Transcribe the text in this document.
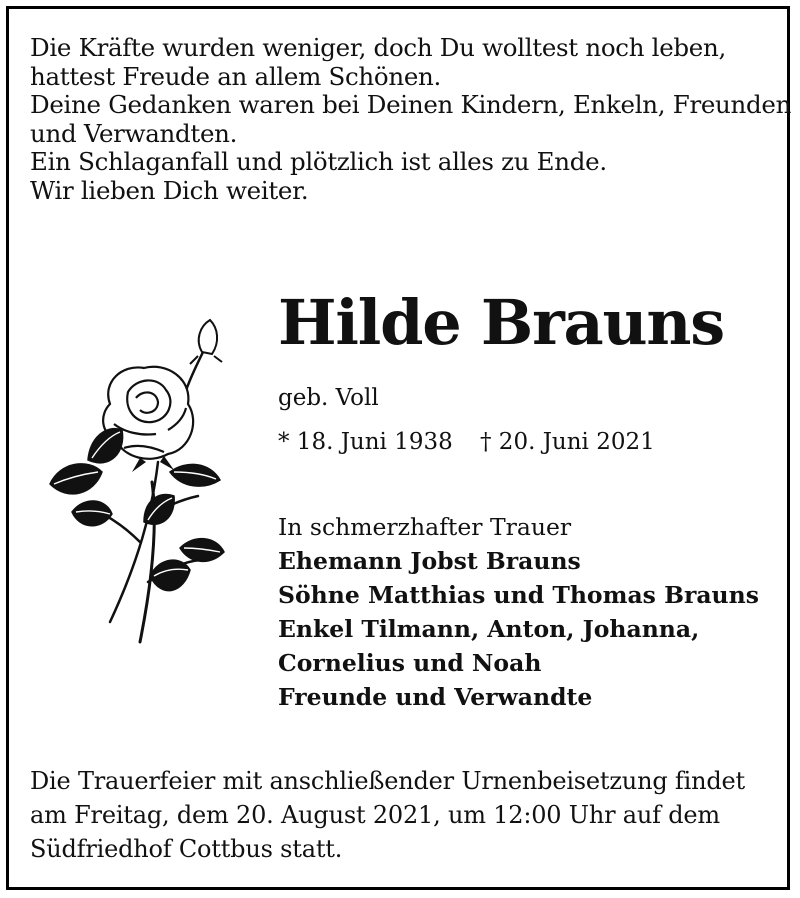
Die Kräfte wurden weniger, doch Du wolltest noch leben,
hattest Freude an allem Schönen.
Deine Gedanken waren bei Deinen Kindern, Enkeln, Freunden
und Verwandten.
Ein Schlaganfall und plötzlich ist alles zu Ende.
Wir lieben Dich weiter.
Hilde Brauns
geb. Voll
* 18. Juni 1938 † 20. Juni 2021
In schmerzhafter Trauer
Ehemann Jobst Brauns
Söhne Matthias und Thomas Brauns
Enkel Tilmann, Anton, Johanna,
Cornelius und Noah
Freunde und Verwandte
Die Trauerfeier mit anschließender Urnenbeisetzung findet
am Freitag, dem 20. August 2021, um 12:00 Uhr auf dem
Südfriedhof Cottbus statt.
